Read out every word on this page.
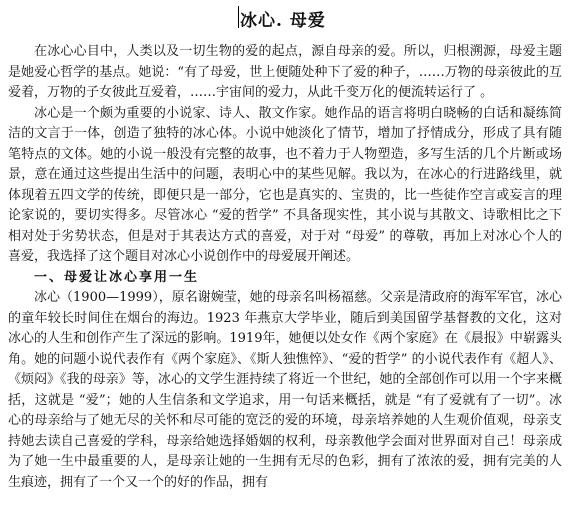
冰心. 母爱

在冰心心目中，人类以及一切生物的爱的起点，源自母亲的爱。所以，归根溯源，母爱主题是她爱心哲学的基点。她说：“有了母爱，世上便随处种下了爱的种子，……万物的母亲彼此的互爱着，万物的子女彼此互爱着，……宇宙间的爱力，从此千变万化的便流转运行了 。

冰心是一个颇为重要的小说家、诗人、散文作家。她作品的语言将明白晓畅的白话和凝练简洁的文言于一体，创造了独特的冰心体。小说中她淡化了情节，增加了抒情成分，形成了具有随笔特点的文体。她的小说一般没有完整的故事，也不着力于人物塑造，多写生活的几个片断或场景，意在通过这些提出生活中的问题，表明心中的某些见解。我以为，在冰心的行进路线里，就体现着五四文学的传统，即便只是一部分，它也是真实的、宝贵的，比一些徒作空言或妄言的理论家说的，要切实得多。尽管冰心 “爱的哲学” 不具备现实性，其小说与其散文、诗歌相比之下相对处于劣势状态，但是对于其表达方式的喜爱，对于对 “母爱” 的尊敬，再加上对冰心个人的喜爱，我选择了这个题目对冰心小说创作中的母爱展开阐述。

一、母爱让冰心享用一生

冰心（1900—1999），原名谢婉莹，她的母亲名叫杨福慈。父亲是清政府的海军军官，冰心的童年较长时间住在烟台的海边。1923 年燕京大学毕业，随后到美国留学基督教的文化，这对冰心的人生和创作产生了深远的影响。1919年，她便以处女作《两个家庭》在《晨报》中崭露头角。她的问题小说代表作有《两个家庭》、《斯人独憔悴》、“爱的哲学” 的小说代表作有《超人》、《烦闷》《我的母亲》等，冰心的文学生涯持续了将近一个世纪，她的全部创作可以用一个字来概括，这就是 “爱”；她的人生信条和文学追求，用一句话来概括，就是 “有了爱就有了一切”。冰心的母亲给与了她无尽的关怀和尽可能的宽泛的爱的环境，母亲培养她的人生观价值观，母亲支持她去读自己喜爱的学科，母亲给她选择婚姻的权利，母亲教他学会面对世界面对自己！母亲成为了她一生中最重要的人，是母亲让她的一生拥有无尽的色彩，拥有了浓浓的爱，拥有完美的人生痕迹，拥有了一个又一个的好的作品，拥有
